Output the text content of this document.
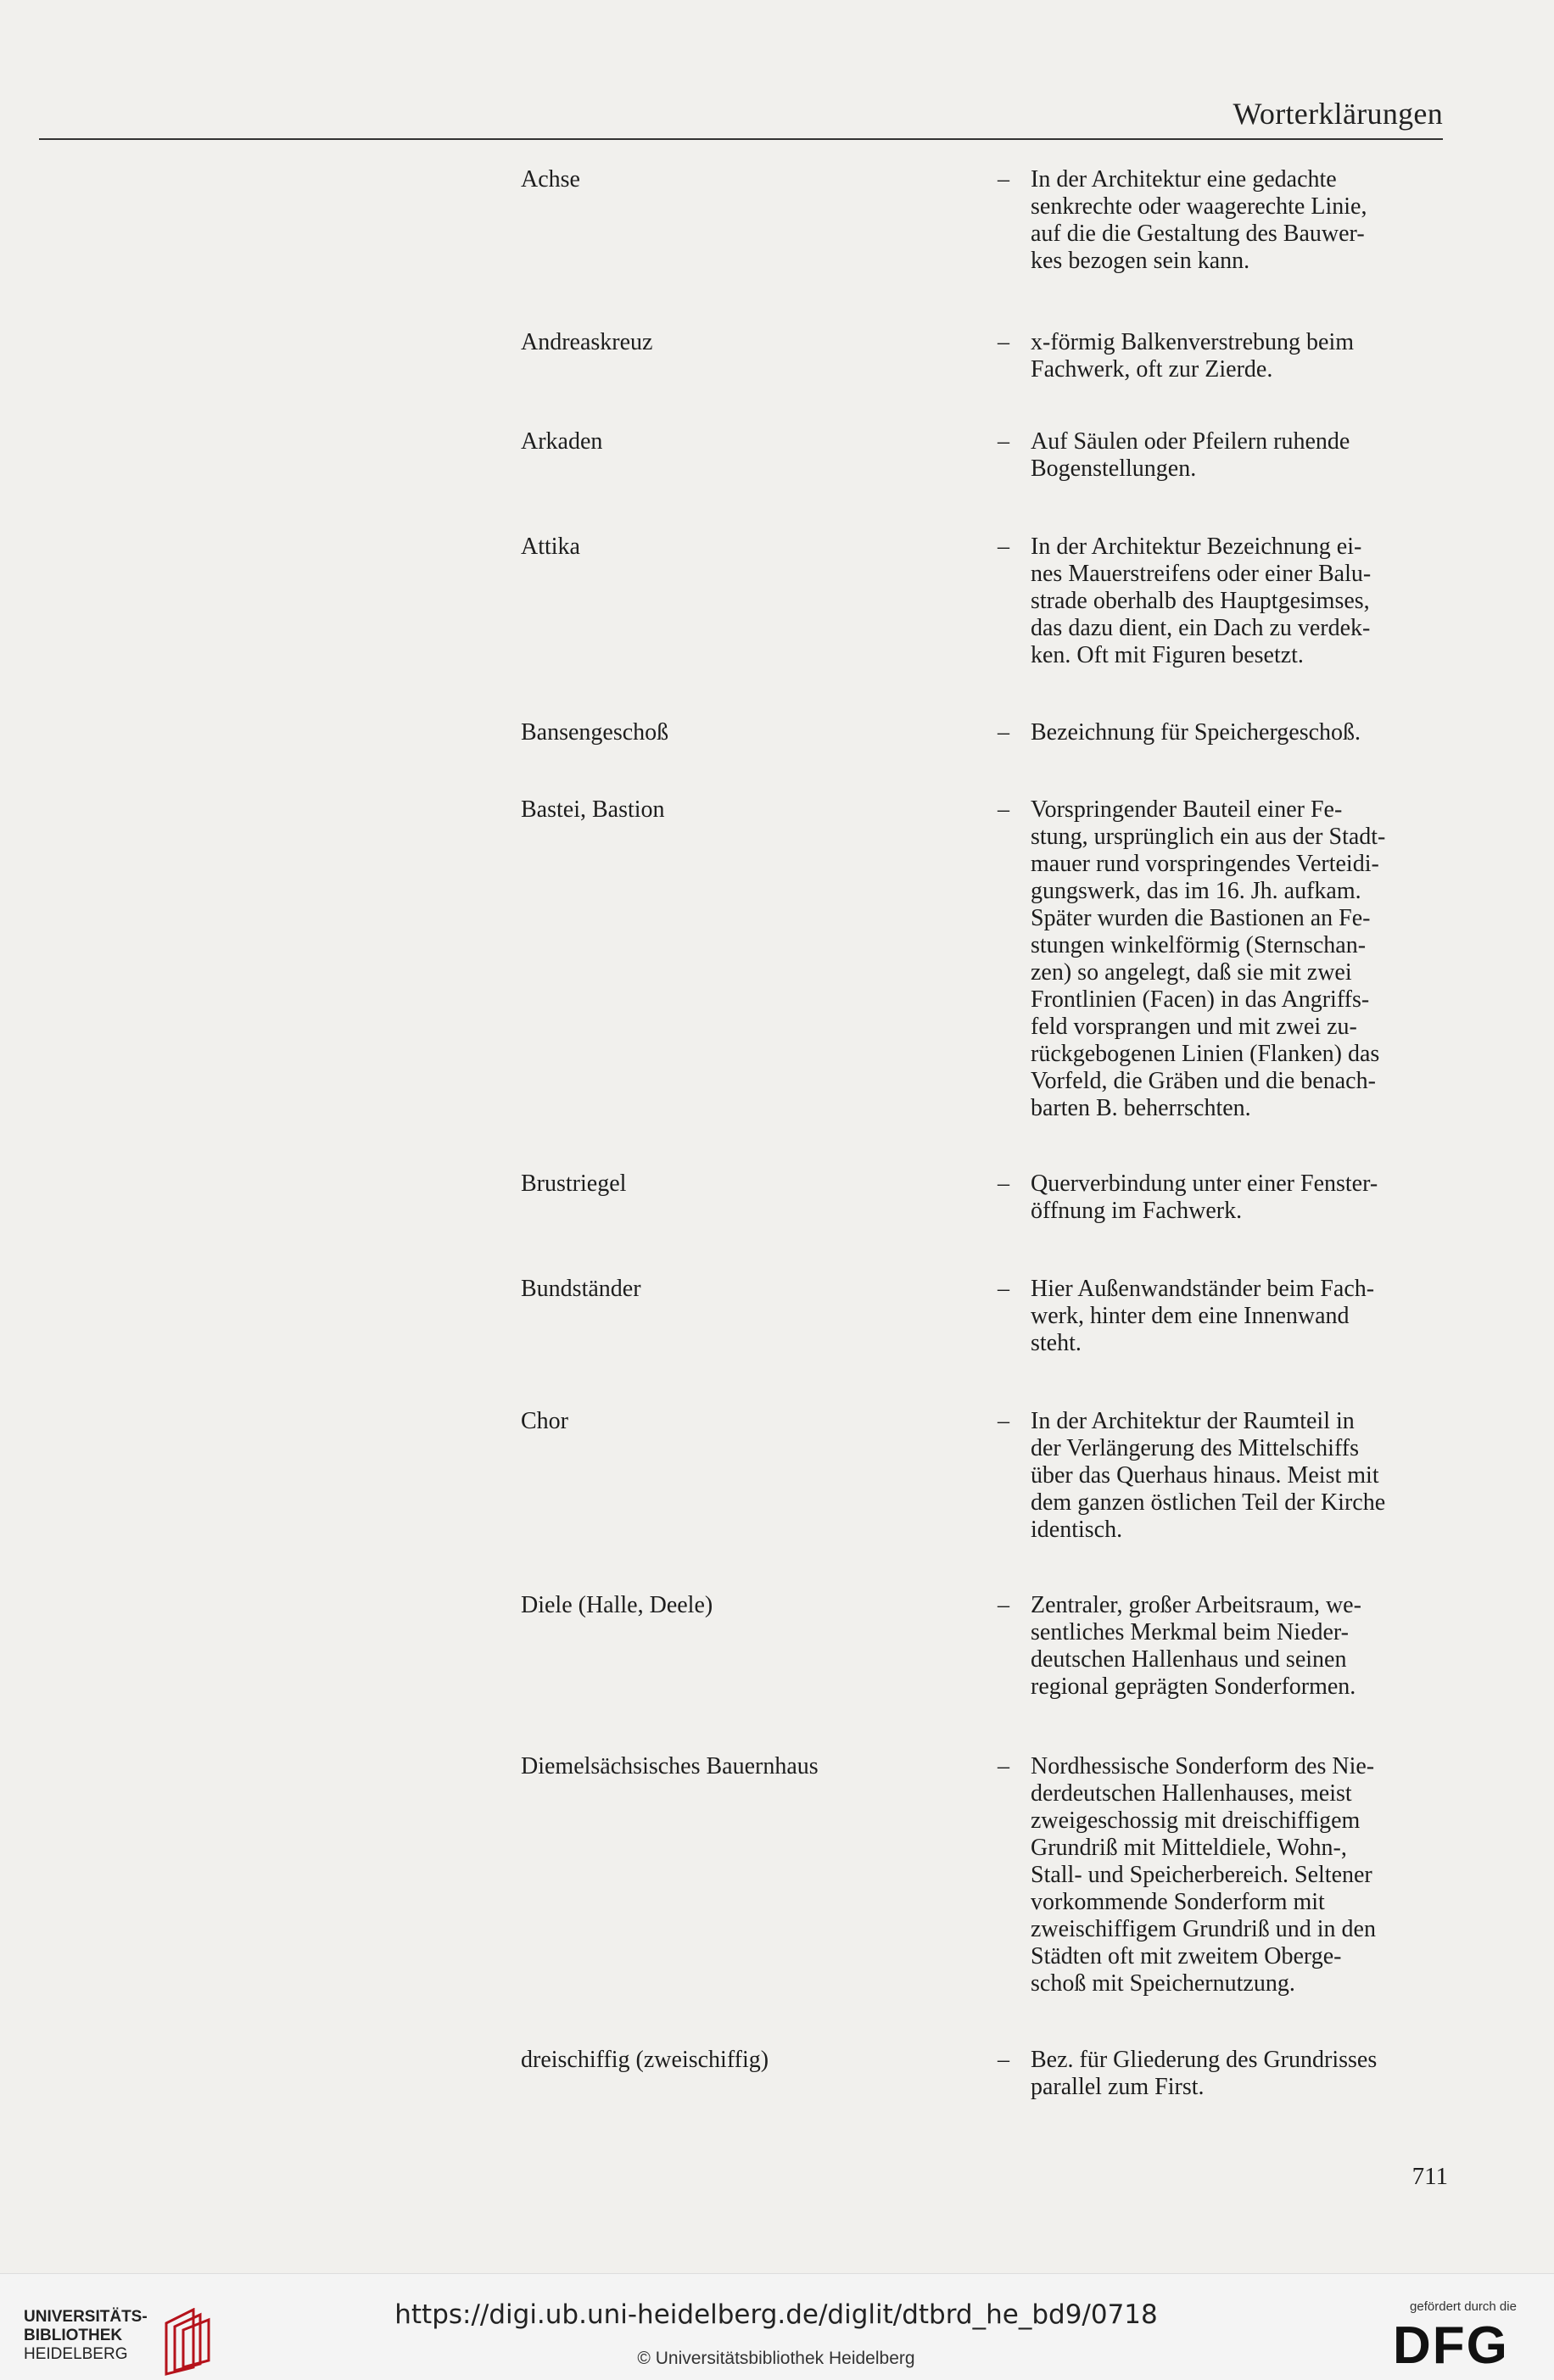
Worterklärungen
Achse	– In der Architektur eine gedachte
senkrechte oder waagerechte Linie,
auf die die Gestaltung des Bauwer-
kes bezogen sein kann.
Andreaskreuz	– x-förmig Balkenverstrebung beim
Fachwerk, oft zur Zierde.
Arkaden	– Auf Säulen oder Pfeilern ruhende
Bogenstellungen.
Attika	– In der Architektur Bezeichnung ei-
nes Mauerstreifens oder einer Balu-
strade oberhalb des Hauptgesimses,
das dazu dient, ein Dach zu verdek-
ken. Oft mit Figuren besetzt.
Bansengeschoß	– Bezeichnung für Speichergeschoß.
Bastei, Bastion	– Vorspringender Bauteil einer Fe-
stung, ursprünglich ein aus der Stadt-
mauer rund vorspringendes Verteidi-
gungswerk, das im 16. Jh. aufkam.
Später wurden die Bastionen an Fe-
stungen winkelförmig (Sternschan-
zen) so angelegt, daß sie mit zwei
Frontlinien (Facen) in das Angriffs-
feld vorsprangen und mit zwei zu-
rückgebogenen Linien (Flanken) das
Vorfeld, die Gräben und die benach-
barten B. beherrschten.
Brustriegel	– Querverbindung unter einer Fenster-
öffnung im Fachwerk.
Bundständer	– Hier Außenwandständer beim Fach-
werk, hinter dem eine Innenwand
steht.
Chor	– In der Architektur der Raumteil in
der Verlängerung des Mittelschiffs
über das Querhaus hinaus. Meist mit
dem ganzen östlichen Teil der Kirche
identisch.
Diele (Halle, Deele)	– Zentraler, großer Arbeitsraum, we-
sentliches Merkmal beim Nieder-
deutschen Hallenhaus und seinen
regional geprägten Sonderformen.
Diemelsächsisches Bauernhaus	– Nordhessische Sonderform des Nie-
derdeutschen Hallenhauses, meist
zweigeschossig mit dreischiffigem
Grundriß mit Mitteldiele, Wohn-,
Stall- und Speicherbereich. Seltener
vorkommende Sonderform mit
zweischiffigem Grundriß und in den
Städten oft mit zweitem Oberge-
schoß mit Speichernutzung.
dreischiffig (zweischiffig)	– Bez. für Gliederung des Grundrisses
parallel zum First.
711
UNIVERSITÄTS-
BIBLIOTHEK
HEIDELBERG
https://digi.ub.uni-heidelberg.de/diglit/dtbrd_he_bd9/0718
© Universitätsbibliothek Heidelberg
gefördert durch die
DFG
